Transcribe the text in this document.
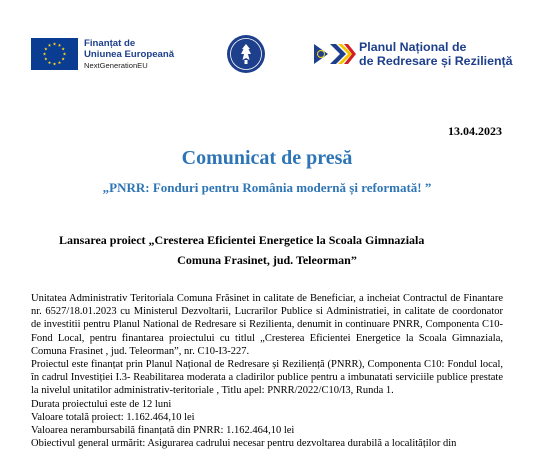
Finanțat de
Uniunea Europeană
NextGenerationEU
Planul Național de
de Redresare și Reziliență
13.04.2023
Comunicat de presă
„PNRR: Fonduri pentru România modernă și reformată! ”
Lansarea proiect „Cresterea Eficientei Energetice la Scoala Gimnaziala
Comuna Frasinet, jud. Teleorman”

Unitatea Administrativ Teritoriala Comuna Frăsinet in calitate de Beneficiar, a incheiat Contractul de Finantare nr. 6527/18.01.2023 cu Ministerul Dezvoltarii, Lucrarilor Publice si Administratiei, in calitate de coordonator de investitii pentru Planul National de Redresare si Rezilienta, denumit in continuare PNRR, Componenta C10-Fond Local, pentru finantarea proiectului cu titlul „Cresterea Eficientei Energetice la Scoala Gimnaziala, Comuna Frasinet , jud. Teleorman”, nr. C10-I3-227.

Proiectul este finanțat prin Planul Național de Redresare și Reziliență (PNRR), Componenta C10: Fondul local, în cadrul Investiției I.3- Reabilitarea moderata a cladirilor publice pentru a imbunatati serviciile publice prestate la nivelul unitatilor administrativ-teritoriale , Titlu apel: PNRR/2022/C10/I3, Runda 1.

Durata proiectului este de 12 luni

Valoare totală proiect: 1.162.464,10 lei

Valoarea nerambursabilă finanțată din PNRR: 1.162.464,10 lei

Obiectivul general urmărit: Asigurarea cadrului necesar pentru dezvoltarea durabilă a localităților din
